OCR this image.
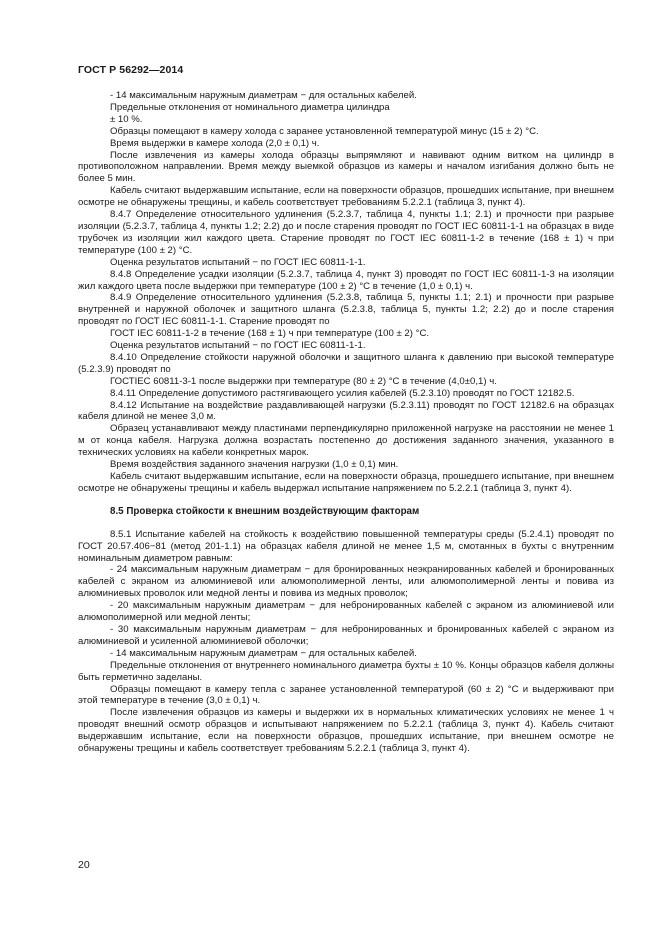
ГОСТ Р 56292—2014

- 14 максимальным наружным диаметрам − для остальных кабелей.

Предельные отклонения от номинального диаметра цилиндра

± 10 %.

Образцы помещают в камеру холода с заранее установленной температурой минус (15 ± 2) °С.

Время выдержки в камере холода (2,0 ± 0,1) ч.

После извлечения из камеры холода образцы выпрямляют и навивают одним витком на цилиндр в противоположном направлении. Время между выемкой образцов из камеры и началом изгибания должно быть не более 5 мин.

Кабель считают выдержавшим испытание, если на поверхности образцов, прошедших испытание, при внешнем осмотре не обнаружены трещины, и кабель соответствует требованиям 5.2.2.1 (таблица 3, пункт 4).

8.4.7 Определение относительного удлинения (5.2.3.7, таблица 4, пункты 1.1; 2.1) и прочности при разрыве изоляции (5.2.3.7, таблица 4, пункты 1.2; 2.2) до и после старения проводят по ГОСТ IEC 60811-1-1 на образцах в виде трубочек из изоляции жил каждого цвета. Старение проводят по ГОСТ IEC 60811-1-2 в течение (168 ± 1) ч при температуре (100 ± 2) °С.

Оценка результатов испытаний − по ГОСТ IEC 60811-1-1.

8.4.8 Определение усадки изоляции (5.2.3.7, таблица 4, пункт 3) проводят по ГОСТ IEC 60811-1-3 на изоляции жил каждого цвета после выдержки при температуре (100 ± 2) °С в течение (1,0 ± 0,1) ч.

8.4.9 Определение относительного удлинения (5.2.3.8, таблица 5, пункты 1.1; 2.1) и прочности при разрыве внутренней и наружной оболочек и защитного шланга (5.2.3.8, таблица 5, пункты 1.2; 2.2) до и после старения проводят по ГОСТ IEC 60811-1-1. Старение проводят по

ГОСТ IEC 60811-1-2 в течение (168 ± 1) ч при температуре (100 ± 2) °С.

Оценка результатов испытаний − по ГОСТ IEC 60811-1-1.

8.4.10 Определение стойкости наружной оболочки и защитного шланга к давлению при высокой температуре (5.2.3.9) проводят по

ГОСТIEC 60811-3-1 после выдержки при температуре (80 ± 2) °С в течение (4,0±0,1) ч.

8.4.11 Определение допустимого растягивающего усилия кабелей (5.2.3.10) проводят по ГОСТ 12182.5.

8.4.12 Испытание на воздействие раздавливающей нагрузки (5.2.3.11) проводят по ГОСТ 12182.6 на образцах кабеля длиной не менее 3,0 м.

Образец устанавливают между пластинами перпендикулярно приложенной нагрузке на расстоянии не менее 1 м от конца кабеля. Нагрузка должна возрастать постепенно до достижения заданного значения, указанного в технических условиях на кабели конкретных марок.

Время воздействия заданного значения нагрузки (1,0 ± 0,1) мин.

Кабель считают выдержавшим испытание, если на поверхности образца, прошедшего испытание, при внешнем осмотре не обнаружены трещины и кабель выдержал испытание напряжением по 5.2.2.1 (таблица 3, пункт 4).

8.5 Проверка стойкости к внешним воздействующим факторам

8.5.1 Испытание кабелей на стойкость к воздействию повышенной температуры среды (5.2.4.1) проводят по ГОСТ 20.57.406−81 (метод 201-1.1) на образцах кабеля длиной не менее 1,5 м, смотанных в бухты с внутренним номинальным диаметром равным:

- 24 максимальным наружным диаметрам − для бронированных неэкранированных кабелей и бронированных кабелей с экраном из алюминиевой или алюмополимерной ленты, или алюмополимерной ленты и повива из алюминиевых проволок или медной ленты и повива из медных проволок;

- 20 максимальным наружным диаметрам − для небронированных кабелей с экраном из алюминиевой или алюмополимерной или медной ленты;

- 30 максимальным наружным диаметрам − для небронированных и бронированных кабелей с экраном из алюминиевой и усиленной алюминиевой оболочки;

- 14 максимальным наружным диаметрам − для остальных кабелей.

Предельные отклонения от внутреннего номинального диаметра бухты ± 10 %. Концы образцов кабеля должны быть герметично заделаны.

Образцы помещают в камеру тепла с заранее установленной температурой (60 ± 2) °С и выдерживают при этой температуре в течение (3,0 ± 0,1) ч.

После извлечения образцов из камеры и выдержки их в нормальных климатических условиях не менее 1 ч проводят внешний осмотр образцов и испытывают напряжением по 5.2.2.1 (таблица 3, пункт 4). Кабель считают выдержавшим испытание, если на поверхности образцов, прошедших испытание, при внешнем осмотре не обнаружены трещины и кабель соответствует требованиям 5.2.2.1 (таблица 3, пункт 4).

20
